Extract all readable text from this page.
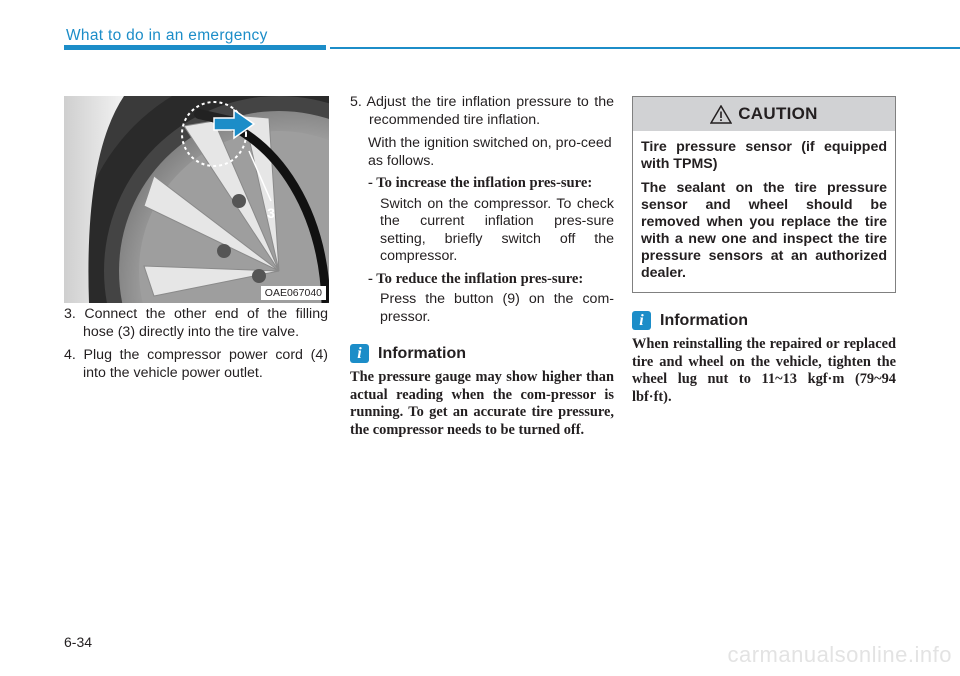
What to do in an emergency
3
OAE067040

3. Connect the other end of the filling hose (3) directly into the tire valve.

4. Plug the compressor power cord (4) into the vehicle power outlet.

5. Adjust the tire inflation pressure to the recommended tire inflation.

With the ignition switched on, pro-ceed as follows.

- To increase the inflation pres-sure:

Switch on the compressor. To check the current inflation pres-sure setting, briefly switch off the compressor.

- To reduce the inflation pres-sure:

Press the button (9) on the com-pressor.

i	Information

The pressure gauge may show higher than actual reading when the com-pressor is running. To get an accurate tire pressure, the compressor needs to be turned off.

CAUTION

Tire pressure sensor (if equipped with TPMS)

The sealant on the tire pressure sensor and wheel should be removed when you replace the tire with a new one and inspect the tire pressure sensors at an authorized dealer.

i	Information

When reinstalling the repaired or replaced tire and wheel on the vehicle, tighten the wheel lug nut to 11~13 kgf·m (79~94 lbf·ft).

6-34	carmanualsonline.info
